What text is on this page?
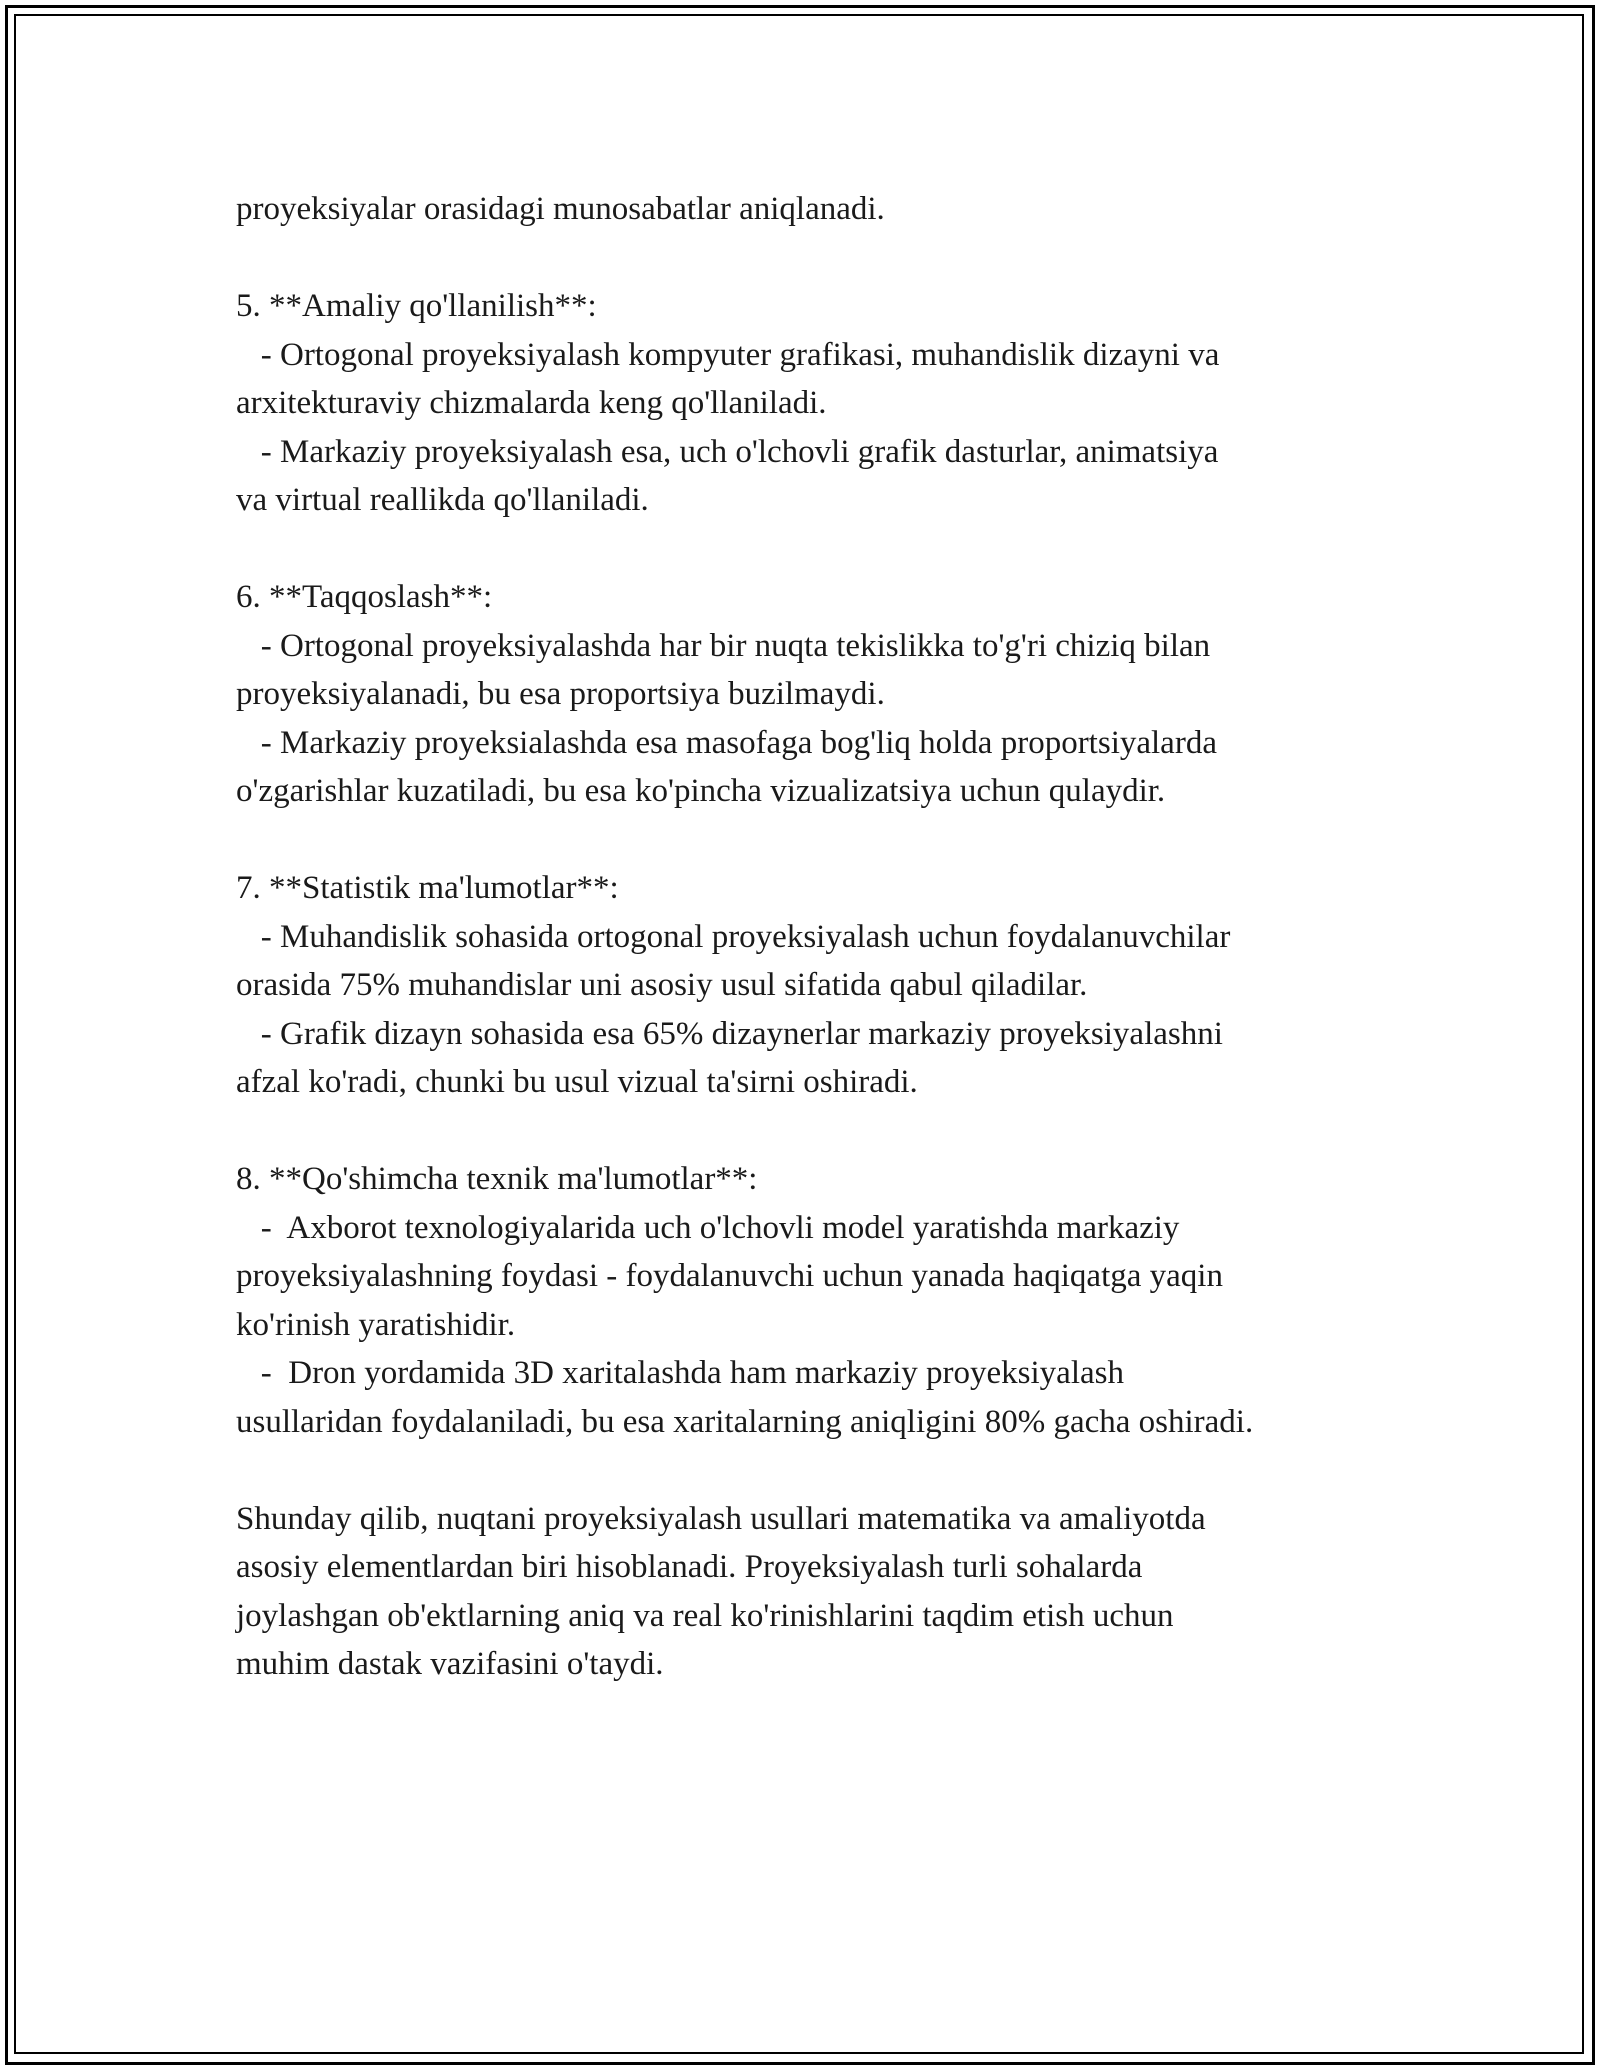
proyeksiyalar orasidagi munosabatlar aniqlanadi.

5. **Amaliy qo'llanilish**:

- Ortogonal proyeksiyalash kompyuter grafikasi, muhandislik dizayni va

arxitekturaviy chizmalarda keng qo'llaniladi.

- Markaziy proyeksiyalash esa, uch o'lchovli grafik dasturlar, animatsiya

va virtual reallikda qo'llaniladi.

6. **Taqqoslash**:

- Ortogonal proyeksiyalashda har bir nuqta tekislikka to'g'ri chiziq bilan

proyeksiyalanadi, bu esa proportsiya buzilmaydi.

- Markaziy proyeksialashda esa masofaga bog'liq holda proportsiyalarda

o'zgarishlar kuzatiladi, bu esa ko'pincha vizualizatsiya uchun qulaydir.

7. **Statistik ma'lumotlar**:

- Muhandislik sohasida ortogonal proyeksiyalash uchun foydalanuvchilar

orasida 75% muhandislar uni asosiy usul sifatida qabul qiladilar.

- Grafik dizayn sohasida esa 65% dizaynerlar markaziy proyeksiyalashni

afzal ko'radi, chunki bu usul vizual ta'sirni oshiradi.

8. **Qo'shimcha texnik ma'lumotlar**:

-  Axborot texnologiyalarida uch o'lchovli model yaratishda markaziy

proyeksiyalashning foydasi - foydalanuvchi uchun yanada haqiqatga yaqin

ko'rinish yaratishidir.

-  Dron yordamida 3D xaritalashda ham markaziy proyeksiyalash

usullaridan foydalaniladi, bu esa xaritalarning aniqligini 80% gacha oshiradi.

Shunday qilib, nuqtani proyeksiyalash usullari matematika va amaliyotda

asosiy elementlardan biri hisoblanadi. Proyeksiyalash turli sohalarda

joylashgan ob'ektlarning aniq va real ko'rinishlarini taqdim etish uchun

muhim dastak vazifasini o'taydi.
